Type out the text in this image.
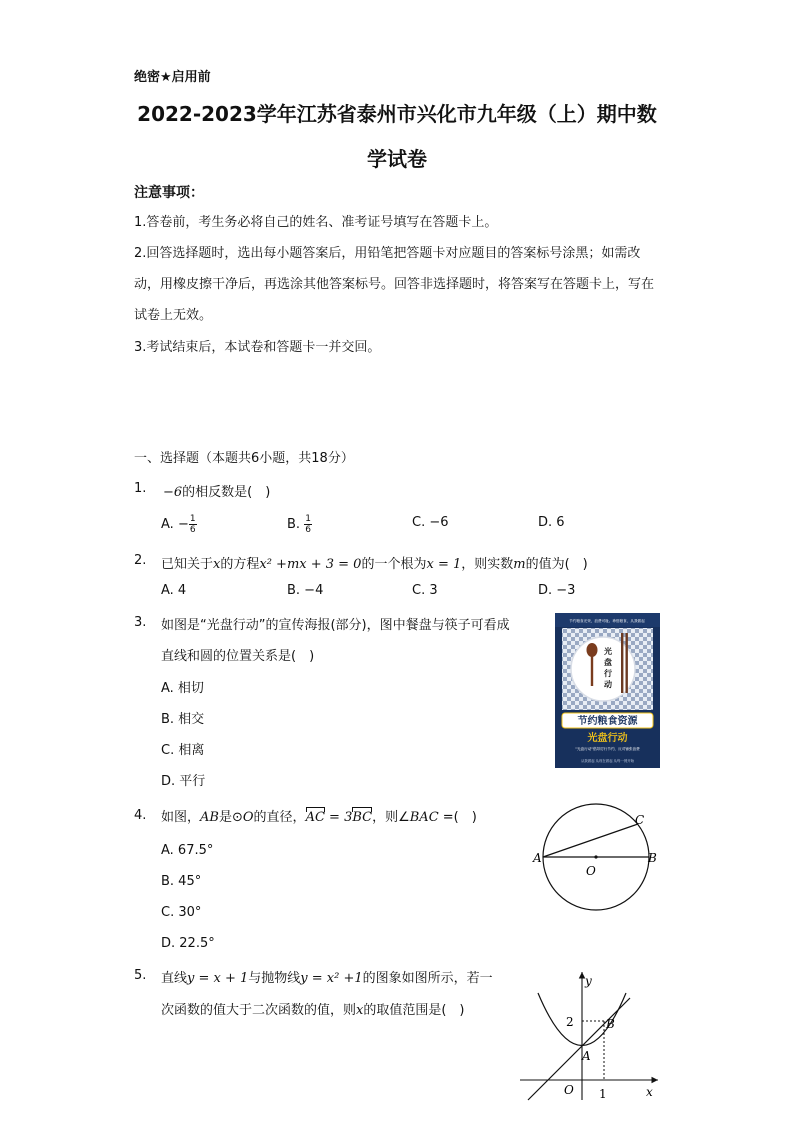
绝密★启用前
2022-2023学年江苏省泰州市兴化市九年级（上）期中数
学试卷
注意事项：
1.答卷前，考生务必将自己的姓名、准考证号填写在答题卡上。
2.回答选择题时，选出每小题答案后，用铅笔把答题卡对应题目的答案标号涂黑；如需改动，用橡皮擦干净后，再选涂其他答案标号。回答非选择题时，将答案写在答题卡上，写在试卷上无效。
3.考试结束后，本试卷和答题卡一并交回。
一、选择题（本题共6小题，共18分）
1. −6的相反数是(　)
A. − $\frac{1}{6}$	B. $\frac{1}{6}$	C. −6	D. 6
2. 已知关于x的方程x² +mx + 3 = 0的一个根为x = 1，则实数m的值为(　)
A. 4	B. −4	C. 3	D. −3
3. 如图是“光盘行动”的宣传海报(部分)，图中餐盘与筷子可看成
直线和圆的位置关系是(　)
A. 相切
B. 相交
C. 相离
D. 平行
节约粮食光荣，浪费可耻。珍惜粮食，从我做起
光
盘
行
动
节约粮食资源
光盘行动
"光盘行动"倡导厉行节约，反对铺张浪费
从我做起 从现在做起 从每一餐开始
4. 如图，AB是⊙O的直径，AC = 3BC，则∠BAC =(　)
A. 67.5°
B. 45°
C. 30°
D. 22.5°
A	B
C
O
5. 直线y = x + 1与抛物线y = x² +1的图象如图所示，若一
次函数的值大于二次函数的值，则x的取值范围是(　)
y
x
O
A
B
2
1
